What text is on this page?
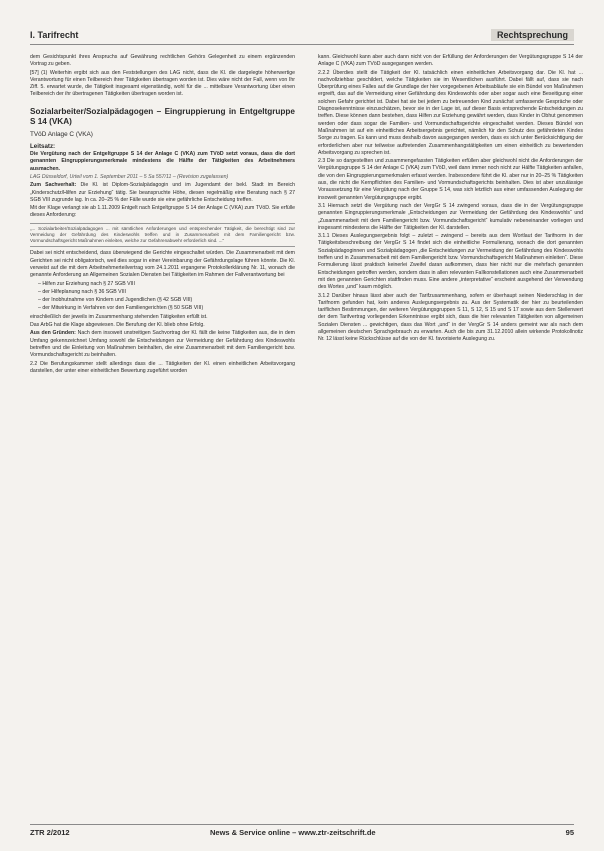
I. Tarifrecht	Rechtsprechung

dem Gesichtspunkt ihres Anspruchs auf Gewährung rechtlichen Gehörs Gelegenheit zu einem ergänzenden Vortrag zu geben.

[57] (1) Weiterhin ergibt sich aus den Feststellungen des LAG nicht, dass die Kl. die dargelegte höherwertige Verantwortung für einen Teilbereich ihrer Tätigkeiten übertragen worden ist. Dies wäre nicht der Fall, wenn von Ihr Ziff. 5. erwartet wurde, die Tätigkeit insgesamt eigenständig, wohl für die ... mittelbare Verantwortung über einen Teilbereich der ihr übertragenen Tätigkeiten übertragen worden ist.

Sozialarbeiter/Sozialpädagogen – Eingruppierung in Entgeltgruppe S 14 (VKA)
TVöD Anlage C (VKA)
Leitsatz:

Die Vergütung nach der Entgeltgruppe S 14 der Anlage C (VKA) zum TVöD setzt voraus, dass die dort genannten Eingruppierungsmerkmale mindestens die Hälfte der Tätigkeiten des Arbeitnehmers ausmachen.

LAG Düsseldorf, Urteil vom 1. September 2011 – 5 Sa 557/11 – (Revision zugelassen)

Zum Sachverhalt: Die Kl. ist Diplom-Sozialpädagogin und im Jugendamt der bekl. Stadt im Bereich „Kinderschutz/Hilfen zur Erziehung“ tätig. Sie beanspruchte Höhe, diesen regelmäßig eine Beratung nach § 27 SGB VIII zugrunde lag. In ca. 20–25 % der Fälle wurde sie eine gefährliche Entscheidung treffen.

Mit der Klage verlangt sie ab 1.11.2009 Entgelt nach Entgeltgruppe S 14 der Anlage C (VKA) zum TVöD. Sie erfülle dieses Anforderung:

„... Sozialarbeiter/Sozialpädagogen ... mit sämtlichen Anforderungen und entsprechender Tätigkeit, die berechtigt sind zur Vermeidung der Gefährdung des Kindeswohls treffen und in Zusammenarbeit mit dem Familiengericht bzw. Vormundschaftsgericht Maßnahmen einleiten, welche zur Gefahrenabwehr erforderlich sind. ...“

Dabei sei nicht entscheidend, dass überwiegend die Gerichte eingeschaltet würden. Die Zusammenarbeit mit dem Gerichten sei nicht obligatorisch, weil dies sogar in einer Vereinbarung der Gefährdungslage führen könnte. Die Kl. verweist auf die mit dem Arbeitnehmerteilvertrag vom 24.1.2011 ergangene Protokollerklärung Nr. 11, wonach die genannte Anforderung an Allgemeinen Sozialen Diensten bei Tätigkeiten im Rahmen der Fallverantwortung bei

– Hilfen zur Erziehung nach § 27 SGB VIII

– der Hilfeplanung nach § 36 SGB VIII

– der Inobhutnahme von Kindern und Jugendlichen (§ 42 SGB VIII)

– der Mitwirkung in Verfahren vor den Familiengerichten (§ 50 SGB VIII)

einschließlich der jeweils im Zusammenhang stehenden Tätigkeiten erfüllt ist.

Das ArbG hat die Klage abgewiesen. Die Berufung der Kl. blieb ohne Erfolg.

Aus den Gründen: Nach dem insoweit unstreitigen Sachvortrag der Kl. fällt die keine Tätigkeiten aus, die in dem Umfang gekennzeichnet Umfang sowohl die Entscheidungen zur Vermeidung der Gefährdung des Kindeswohls betreffen und die Einleitung von Maßnahmen beinhalten, die eine Zusammenarbeit mit dem Familiengericht bzw. Vormundschaftsgericht zu beinhalten.

2.2 Die Berufungskammer stellt allerdings dass die ... Tätigkeiten der Kl. einen einheitlichen Arbeitsvorgang darstellen, der unter einer einheitlichen Bewertung zugeführt worden

kann. Gleichwohl kann aber auch dann nicht von der Erfüllung der Anforderungen der Vergütungsgruppe S 14 der Anlage C (VKA) zum TVöD ausgegangen werden.

2.2.2 Überdies stellt die Tätigkeit der Kl. tatsächlich einen einheitlichen Arbeitsvorgang dar. Die Kl. hat ... nachvollziehbar geschildert, welche Tätigkeiten sie im Wesentlichen ausführt. Dabei fällt auf, dass sie nach Überprüfung eines Falles auf die Grundlage der hier vorgegebenen Arbeitsabläufe sie ein Bündel von Maßnahmen ergreift, das auf die Vermeidung einer Gefährdung des Kindeswohls oder aber sogar auch eine Beseitigung einer solchen Gefahr gerichtet ist. Dabei hat sie bei jedem zu betreuenden Kind zunächst umfassende Gespräche oder Diagnosekenntnisse einzuschätzen, bevor sie in der Lage ist, auf dieser Basis entsprechende Entscheidungen zu treffen. Diese können dann bestehen, dass Hilfen zur Erziehung gewährt werden, dass Kinder in Obhut genommen werden oder dass sogar die Familien- und Vormundschaftsgerichte eingeschaltet werden. Dieses Bündel von Maßnahmen ist auf ein einheitliches Arbeitsergebnis gerichtet, nämlich für den Schutz des gefährdeten Kindes Sorge zu tragen. Es kann und muss deshalb davon ausgegangen werden, dass es sich unter Berücksichtigung der erforderlichen aber nur teilweise auftretenden Zusammenhangstätigkeiten um einen einheitlich zu bewertenden Arbeitsvorgang zu sprechen ist.

2.3 Die so dargestellten und zusammengefassten Tätigkeiten erfüllen aber gleichwohl nicht die Anforderungen der Vergütungsgruppe S 14 der Anlage C (VKA) zum TVöD, weil dann immer noch nicht zur Hälfte Tätigkeiten anfallen, die von den Eingruppierungsmerkmalen erfasst werden. Insbesondere führt die Kl. aber nur in 20–25 % Tätigkeiten aus, die nicht die Kernpflichten des Familien- und Vormundschaftsgerichts beinhalten. Dies ist aber unzulässige Voraussetzung für eine Vergütung nach der Gruppe S 14, was sich letztlich aus einer umfassenden Auslegung der insoweit genannten Vergütungsgruppe ergibt.

3.1 Hiernach setzt die Vergütung nach der VergGr S 14 zwingend voraus, dass die in der Vergütungsgruppe genannten Eingruppierungsmerkmale „Entscheidungen zur Vermeidung der Gefährdung des Kindeswohls“ und „Zusammenarbeit mit dem Familiengericht bzw. Vormundschaftsgericht“ kumulativ nebeneinander vorliegen und insgesamt mindestens die Hälfte der Tätigkeiten der Kl. darstellen.

3.1.1 Dieses Auslegungsergebnis folgt – zuletzt – zwingend – bereits aus dem Wortlaut der Tarifnorm in der Tätigkeitsbeschreibung der VergGr S 14 findet sich die einheitliche Formulierung, wonach die dort genannten Sozialpädagoginnen und Sozialpädagogen „die Entscheidungen zur Vermeidung der Gefährdung des Kindeswohls treffen und in Zusammenarbeit mit dem Familiengericht bzw. Vormundschaftsgericht Maßnahmen einleiten“. Diese Formulierung lässt praktisch keinerlei Zweifel daran aufkommen, dass hier nicht nur die mehrfach genannten Entscheidungen getroffen werden, sondern dass in allen relevanten Fallkonstellationen auch eine Zusammenarbeit mit den genannten Gerichten stattfinden muss. Eine andere „interpretative“ erscheint ausgehend der Verwendung des Wortes „und“ kaum möglich.

3.1.2 Darüber hinaus lässt aber auch der Tarifzusammenhang, sofern er überhaupt seinen Niederschlag in der Tarifnorm gefunden hat, kein anderes Auslegungsergebnis zu. Aus der Systematik der hier zu beurteilenden tariflichen Bestimmungen, der weiteren Vergütungsgruppen S 11, S 12, S 15 und S 17 sowie aus dem Stellenwert der dem Tarifvertrag vorliegenden Erkenntnisse ergibt sich, dass die hier relevanten Tätigkeiten von allgemeinen Sozialen Diensten ... gewichtigen, dass das Wort „und“ in der VergGr S 14 anders gemeint war als nach dem allgemeinen deutschen Sprachgebrauch zu erwarten. Auch die bis zum 31.12.2010 allein wirkende Protokollnotiz Nr. 12 lässt keine Rückschlüsse auf die von der Kl. favorisierte Auslegung zu.

ZTR 2/2012	News & Service online – www.ztr-zeitschrift.de	95
